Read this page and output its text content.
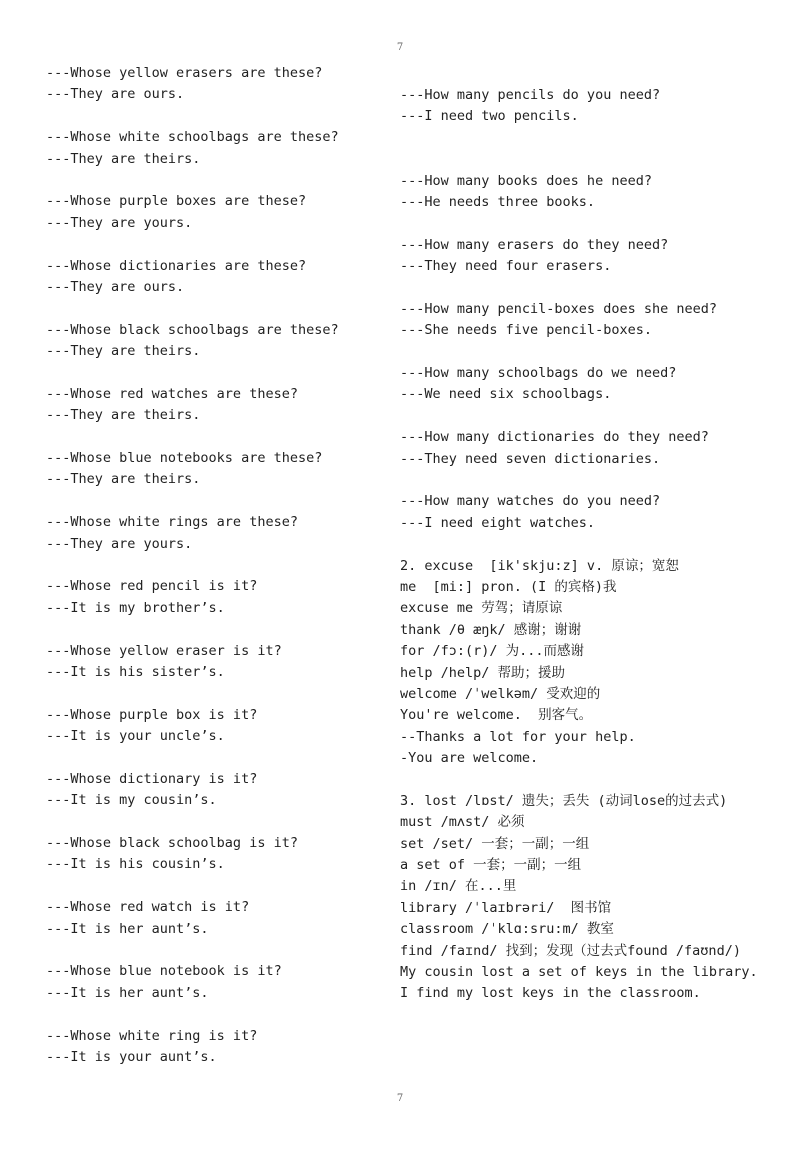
7
---Whose yellow erasers are these?
---They are ours.
---Whose white schoolbags are these?
---They are theirs.
---Whose purple boxes are these?
---They are yours.
---Whose dictionaries are these?
---They are ours.
---Whose black schoolbags are these?
---They are theirs.
---Whose red watches are these?
---They are theirs.
---Whose blue notebooks are these?
---They are theirs.
---Whose white rings are these?
---They are yours.
---Whose red pencil is it?
---It is my brother’s.
---Whose yellow eraser is it?
---It is his sister’s.
---Whose purple box is it?
---It is your uncle’s.
---Whose dictionary is it?
---It is my cousin’s.
---Whose black schoolbag is it?
---It is his cousin’s.
---Whose red watch is it?
---It is her aunt’s.
---Whose blue notebook is it?
---It is her aunt’s.
---Whose white ring is it?
---It is your aunt’s.
---How many pencils do you need?
---I need two pencils.
---How many books does he need?
---He needs three books.
---How many erasers do they need?
---They need four erasers.
---How many pencil-boxes does she need?
---She needs five pencil-boxes.
---How many schoolbags do we need?
---We need six schoolbags.
---How many dictionaries do they need?
---They need seven dictionaries.
---How many watches do you need?
---I need eight watches.
2. excuse  [ik'skju:z] v. 原谅；宽恕
me  [mi:] pron. (I 的宾格)我
excuse me 劳驾；请原谅
thank /θ æŋk/ 感谢；谢谢
for /fɔ:(r)/ 为...而感谢
help /help/ 帮助；援助
welcome /ˈwelkəm/ 受欢迎的
You're welcome.  别客气。
--Thanks a lot for your help.
-You are welcome.
3. lost /lɒst/ 遗失；丢失 (动词lose的过去式)
must /mʌst/ 必须
set /set/ 一套；一副；一组
a set of 一套；一副；一组
in /ɪn/ 在...里
library /ˈlaɪbrəri/  图书馆
classroom /ˈklɑ:sru:m/ 教室
find /faɪnd/ 找到；发现（过去式found /faʊnd/)
My cousin lost a set of keys in the library.
I find my lost keys in the classroom.
7
